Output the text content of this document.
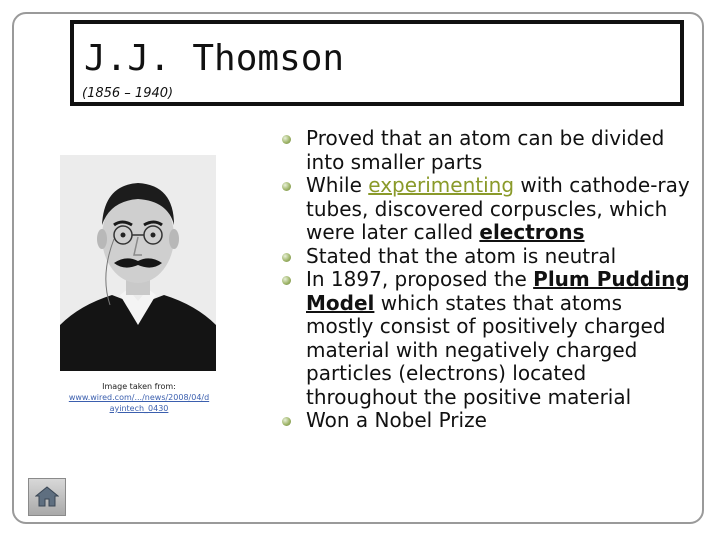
J.J. Thomson
(1856 – 1940)
Image taken from:
www.wired.com/.../news/2008/04/d ayintech_0430
Proved that an atom can be divided into smaller parts
While experimenting with cathode-ray tubes, discovered corpuscles, which were later called electrons
Stated that the atom is neutral
In 1897, proposed the Plum Pudding Model which states that atoms mostly consist of positively charged material with negatively charged particles (electrons) located throughout the positive material
Won a Nobel Prize
